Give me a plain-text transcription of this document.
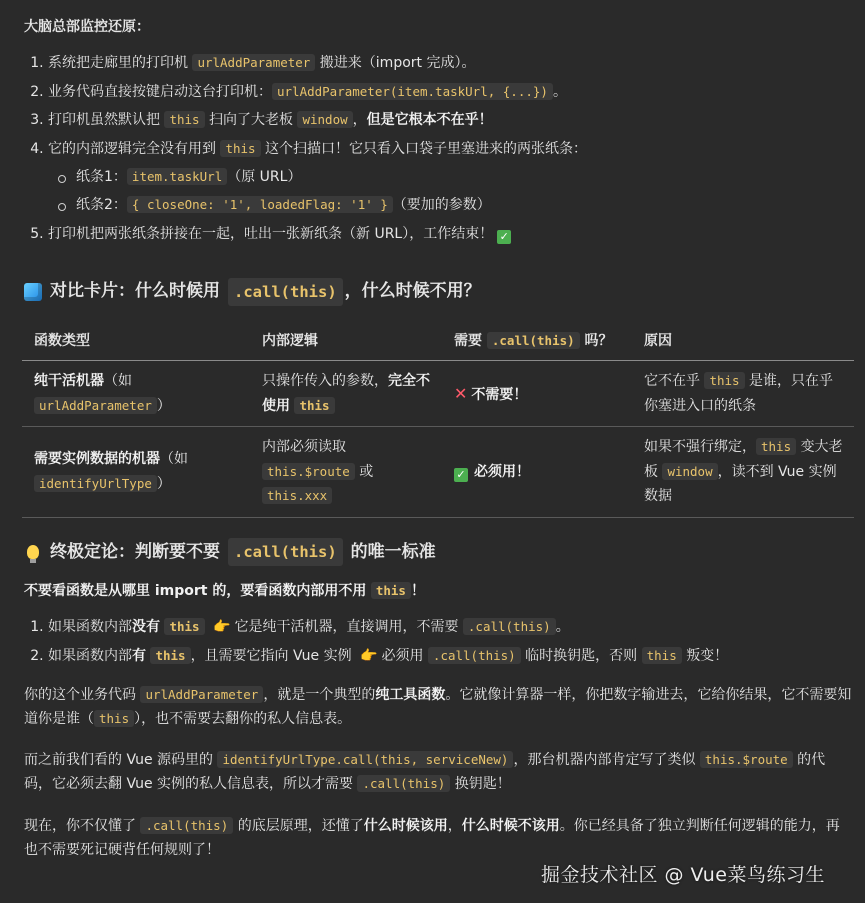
大脑总部监控还原：
1. 系统把走廊里的打印机 urlAddParameter 搬进来（import 完成）。
2. 业务代码直接按键启动这台打印机： urlAddParameter(item.taskUrl, {...}) 。
3. 打印机虽然默认把 this 扫向了大老板 window ，但是它根本不在乎！
4. 它的内部逻辑完全没有用到 this 这个扫描口！它只看入口袋子里塞进来的两张纸条：
纸条1： item.taskUrl （原 URL）
纸条2： { closeOne: '1', loadedFlag: '1' } （要加的参数）
5. 打印机把两张纸条拼接在一起，吐出一张新纸条（新 URL），工作结束！ ✓
对比卡片：什么时候用 .call(this) ，什么时候不用？
函数类型	内部逻辑	需要 .call(this) 吗？	原因
纯干活机器（如
urlAddParameter ）	只操作传入的参数，完全不使用 this	✕ 不需要！	它不在乎 this 是谁，只在乎你塞进入口的纸条
需要实例数据的机器（如
identifyUrlType ）	内部必须读取
this.$route 或
this.xxx	✓ 必须用！	如果不强行绑定， this 变大老板 window ，读不到 Vue 实例数据
终极定论：判断要不要 .call(this) 的唯一标准

不要看函数是从哪里 import 的，要看函数内部用不用 this ！

1. 如果函数内部没有 this 👉 它是纯干活机器，直接调用，不需要 .call(this) 。
2. 如果函数内部有 this ，且需要它指向 Vue 实例 👉 必须用 .call(this) 临时换钥匙，否则 this 叛变！

你的这个业务代码 urlAddParameter ，就是一个典型的纯工具函数。它就像计算器一样，你把数字输进去，它给你结果，它不需要知道你是谁（ this ），也不需要去翻你的私人信息表。

而之前我们看的 Vue 源码里的 identifyUrlType.call(this, serviceNew) ，那台机器内部肯定写了类似 this.$route 的代码，它必须去翻 Vue 实例的私人信息表，所以才需要 .call(this) 换钥匙！

现在，你不仅懂了 .call(this) 的底层原理，还懂了什么时候该用，什么时候不该用。你已经具备了独立判断任何逻辑的能力，再也不需要死记硬背任何规则了！

掘金技术社区 @ Vue菜鸟练习生
